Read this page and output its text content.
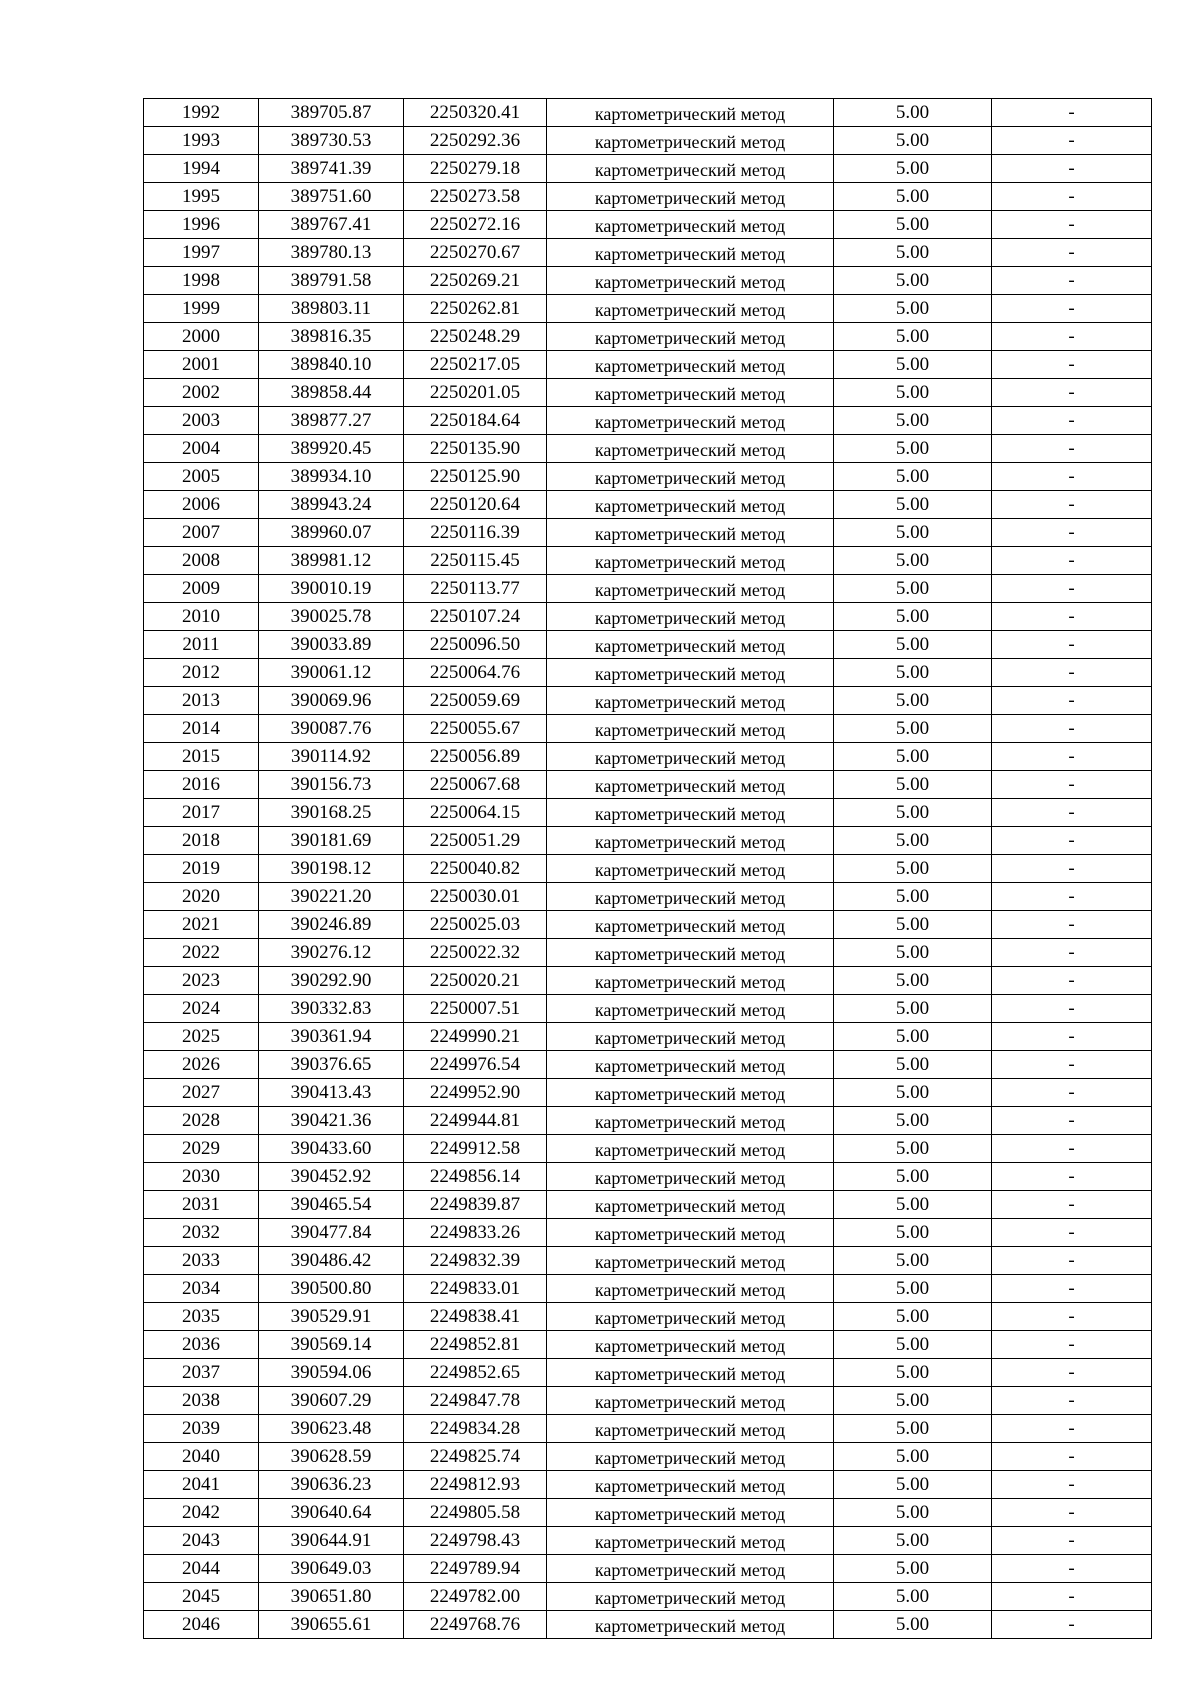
1992	389705.87	2250320.41	картометрический метод	5.00	-
1993	389730.53	2250292.36	картометрический метод	5.00	-
1994	389741.39	2250279.18	картометрический метод	5.00	-
1995	389751.60	2250273.58	картометрический метод	5.00	-
1996	389767.41	2250272.16	картометрический метод	5.00	-
1997	389780.13	2250270.67	картометрический метод	5.00	-
1998	389791.58	2250269.21	картометрический метод	5.00	-
1999	389803.11	2250262.81	картометрический метод	5.00	-
2000	389816.35	2250248.29	картометрический метод	5.00	-
2001	389840.10	2250217.05	картометрический метод	5.00	-
2002	389858.44	2250201.05	картометрический метод	5.00	-
2003	389877.27	2250184.64	картометрический метод	5.00	-
2004	389920.45	2250135.90	картометрический метод	5.00	-
2005	389934.10	2250125.90	картометрический метод	5.00	-
2006	389943.24	2250120.64	картометрический метод	5.00	-
2007	389960.07	2250116.39	картометрический метод	5.00	-
2008	389981.12	2250115.45	картометрический метод	5.00	-
2009	390010.19	2250113.77	картометрический метод	5.00	-
2010	390025.78	2250107.24	картометрический метод	5.00	-
2011	390033.89	2250096.50	картометрический метод	5.00	-
2012	390061.12	2250064.76	картометрический метод	5.00	-
2013	390069.96	2250059.69	картометрический метод	5.00	-
2014	390087.76	2250055.67	картометрический метод	5.00	-
2015	390114.92	2250056.89	картометрический метод	5.00	-
2016	390156.73	2250067.68	картометрический метод	5.00	-
2017	390168.25	2250064.15	картометрический метод	5.00	-
2018	390181.69	2250051.29	картометрический метод	5.00	-
2019	390198.12	2250040.82	картометрический метод	5.00	-
2020	390221.20	2250030.01	картометрический метод	5.00	-
2021	390246.89	2250025.03	картометрический метод	5.00	-
2022	390276.12	2250022.32	картометрический метод	5.00	-
2023	390292.90	2250020.21	картометрический метод	5.00	-
2024	390332.83	2250007.51	картометрический метод	5.00	-
2025	390361.94	2249990.21	картометрический метод	5.00	-
2026	390376.65	2249976.54	картометрический метод	5.00	-
2027	390413.43	2249952.90	картометрический метод	5.00	-
2028	390421.36	2249944.81	картометрический метод	5.00	-
2029	390433.60	2249912.58	картометрический метод	5.00	-
2030	390452.92	2249856.14	картометрический метод	5.00	-
2031	390465.54	2249839.87	картометрический метод	5.00	-
2032	390477.84	2249833.26	картометрический метод	5.00	-
2033	390486.42	2249832.39	картометрический метод	5.00	-
2034	390500.80	2249833.01	картометрический метод	5.00	-
2035	390529.91	2249838.41	картометрический метод	5.00	-
2036	390569.14	2249852.81	картометрический метод	5.00	-
2037	390594.06	2249852.65	картометрический метод	5.00	-
2038	390607.29	2249847.78	картометрический метод	5.00	-
2039	390623.48	2249834.28	картометрический метод	5.00	-
2040	390628.59	2249825.74	картометрический метод	5.00	-
2041	390636.23	2249812.93	картометрический метод	5.00	-
2042	390640.64	2249805.58	картометрический метод	5.00	-
2043	390644.91	2249798.43	картометрический метод	5.00	-
2044	390649.03	2249789.94	картометрический метод	5.00	-
2045	390651.80	2249782.00	картометрический метод	5.00	-
2046	390655.61	2249768.76	картометрический метод	5.00	-
